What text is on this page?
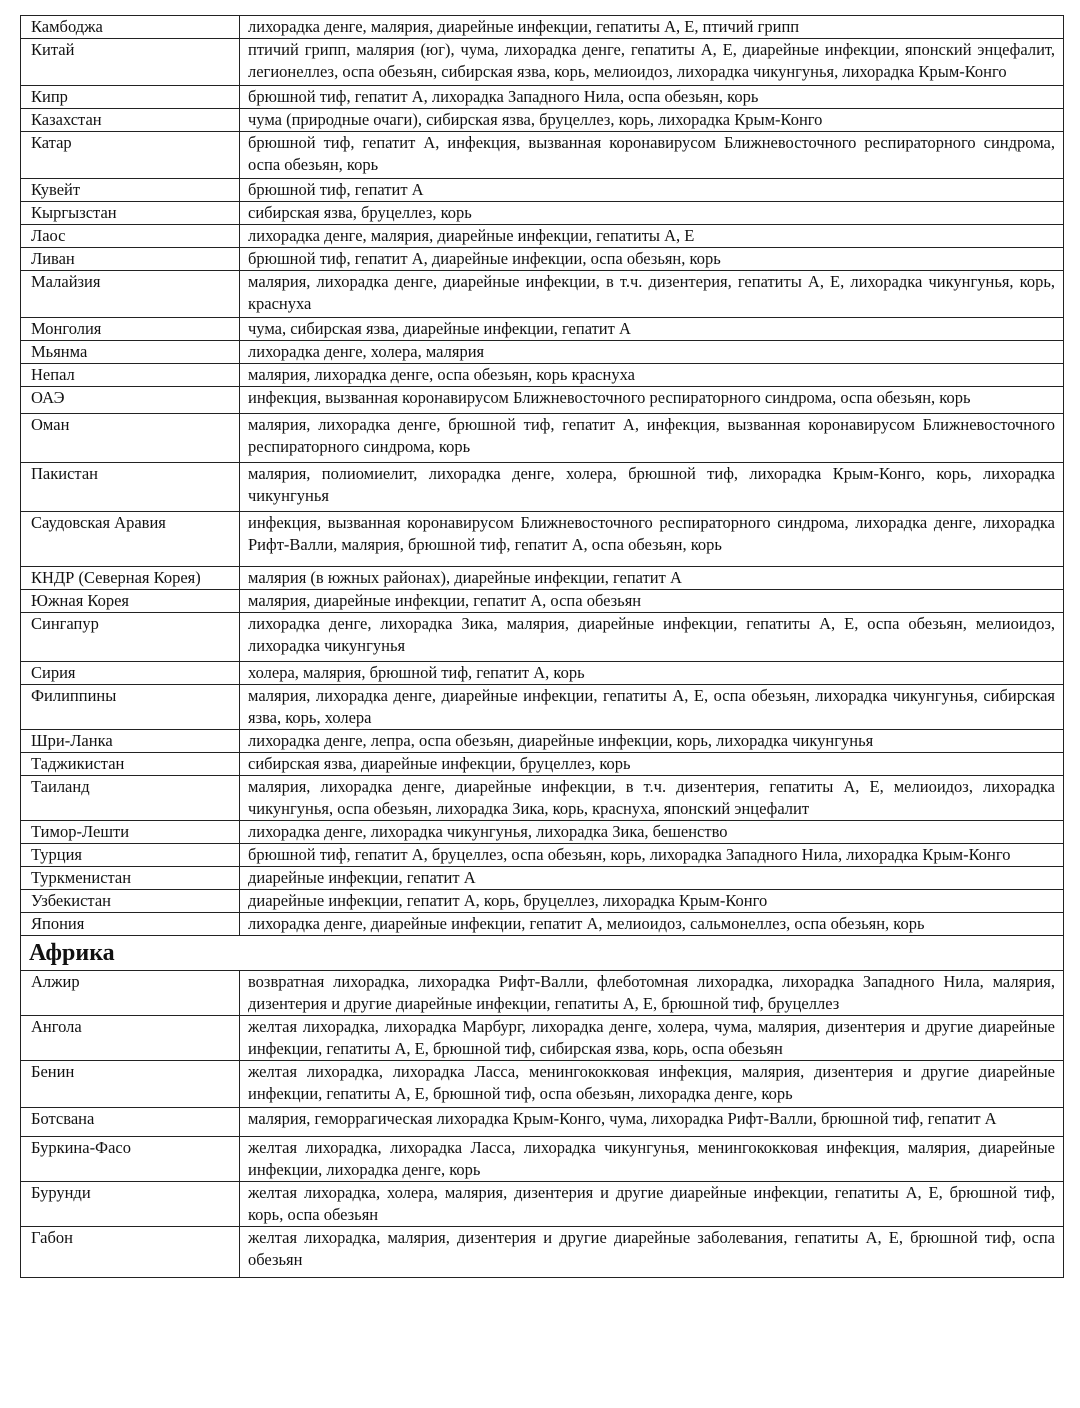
Камбоджа	лихорадка денге, малярия, диарейные инфекции, гепатиты А, Е, птичий грипп
Китай	птичий грипп, малярия (юг), чума, лихорадка денге, гепатиты А, Е, диарейные инфекции, японский энцефалит, легионеллез, оспа обезьян, сибирская язва, корь, мелиоидоз, лихорадка чикунгунья, лихорадка Крым-Конго
Кипр	брюшной тиф, гепатит А, лихорадка Западного Нила, оспа обезьян, корь
Казахстан	чума (природные очаги), сибирская язва, бруцеллез, корь, лихорадка Крым-Конго
Катар	брюшной тиф, гепатит А, инфекция, вызванная коронавирусом Ближневосточного респираторного синдрома, оспа обезьян, корь
Кувейт	брюшной тиф, гепатит А
Кыргызстан	сибирская язва, бруцеллез, корь
Лаос	лихорадка денге, малярия, диарейные инфекции, гепатиты А, Е
Ливан	брюшной тиф, гепатит А, диарейные инфекции, оспа обезьян, корь
Малайзия	малярия, лихорадка денге, диарейные инфекции, в т.ч. дизентерия, гепатиты А, Е, лихорадка чикунгунья, корь, краснуха
Монголия	чума, сибирская язва, диарейные инфекции, гепатит А
Мьянма	лихорадка денге, холера, малярия
Непал	малярия, лихорадка денге, оспа обезьян, корь краснуха
ОАЭ	инфекция, вызванная коронавирусом Ближневосточного респираторного синдрома, оспа обезьян, корь
Оман	малярия, лихорадка денге, брюшной тиф, гепатит А, инфекция, вызванная коронавирусом Ближневосточного респираторного синдрома, корь
Пакистан	малярия, полиомиелит, лихорадка денге, холера, брюшной тиф, лихорадка Крым-Конго, корь, лихорадка чикунгунья
Саудовская Аравия	инфекция, вызванная коронавирусом Ближневосточного респираторного синдрома, лихорадка денге, лихорадка Рифт-Валли, малярия, брюшной тиф, гепатит А, оспа обезьян, корь
КНДР (Северная Корея)	малярия (в южных районах), диарейные инфекции, гепатит А
Южная Корея	малярия, диарейные инфекции, гепатит А, оспа обезьян
Сингапур	лихорадка денге, лихорадка Зика, малярия, диарейные инфекции, гепатиты А, Е, оспа обезьян, мелиоидоз, лихорадка чикунгунья
Сирия	холера, малярия, брюшной тиф, гепатит А, корь
Филиппины	малярия, лихорадка денге, диарейные инфекции, гепатиты А, Е, оспа обезьян, лихорадка чикунгунья, сибирская язва, корь, холера
Шри-Ланка	лихорадка денге, лепра, оспа обезьян, диарейные инфекции, корь, лихорадка чикунгунья
Таджикистан	сибирская язва, диарейные инфекции, бруцеллез, корь
Таиланд	малярия, лихорадка денге, диарейные инфекции, в т.ч. дизентерия, гепатиты А, Е, мелиоидоз, лихорадка чикунгунья, оспа обезьян, лихорадка Зика, корь, краснуха, японский энцефалит
Тимор-Лешти	лихорадка денге, лихорадка чикунгунья, лихорадка Зика, бешенство
Турция	брюшной тиф, гепатит А, бруцеллез, оспа обезьян, корь, лихорадка Западного Нила, лихорадка Крым-Конго
Туркменистан	диарейные инфекции, гепатит А
Узбекистан	диарейные инфекции, гепатит А, корь, бруцеллез, лихорадка Крым-Конго
Япония	лихорадка денге, диарейные инфекции, гепатит А, мелиоидоз, сальмонеллез, оспа обезьян, корь
Африка	
Алжир	возвратная лихорадка, лихорадка Рифт-Валли, флеботомная лихорадка, лихорадка Западного Нила, малярия, дизентерия и другие диарейные инфекции, гепатиты А, Е, брюшной тиф, бруцеллез
Ангола	желтая лихорадка, лихорадка Марбург, лихорадка денге, холера, чума, малярия, дизентерия и другие диарейные инфекции, гепатиты А, Е, брюшной тиф, сибирская язва, корь, оспа обезьян
Бенин	желтая лихорадка, лихорадка Ласса, менингококковая инфекция, малярия, дизентерия и другие диарейные инфекции, гепатиты А, Е, брюшной тиф, оспа обезьян, лихорадка денге, корь
Ботсвана	малярия, геморрагическая лихорадка Крым-Конго, чума, лихорадка Рифт-Валли, брюшной тиф, гепатит А
Буркина-Фасо	желтая лихорадка, лихорадка Ласса, лихорадка чикунгунья, менингококковая инфекция, малярия, диарейные инфекции, лихорадка денге, корь
Бурунди	желтая лихорадка, холера, малярия, дизентерия и другие диарейные инфекции, гепатиты А, Е, брюшной тиф, корь, оспа обезьян
Габон	желтая лихорадка, малярия, дизентерия и другие диарейные заболевания, гепатиты А, Е, брюшной тиф, оспа обезьян
